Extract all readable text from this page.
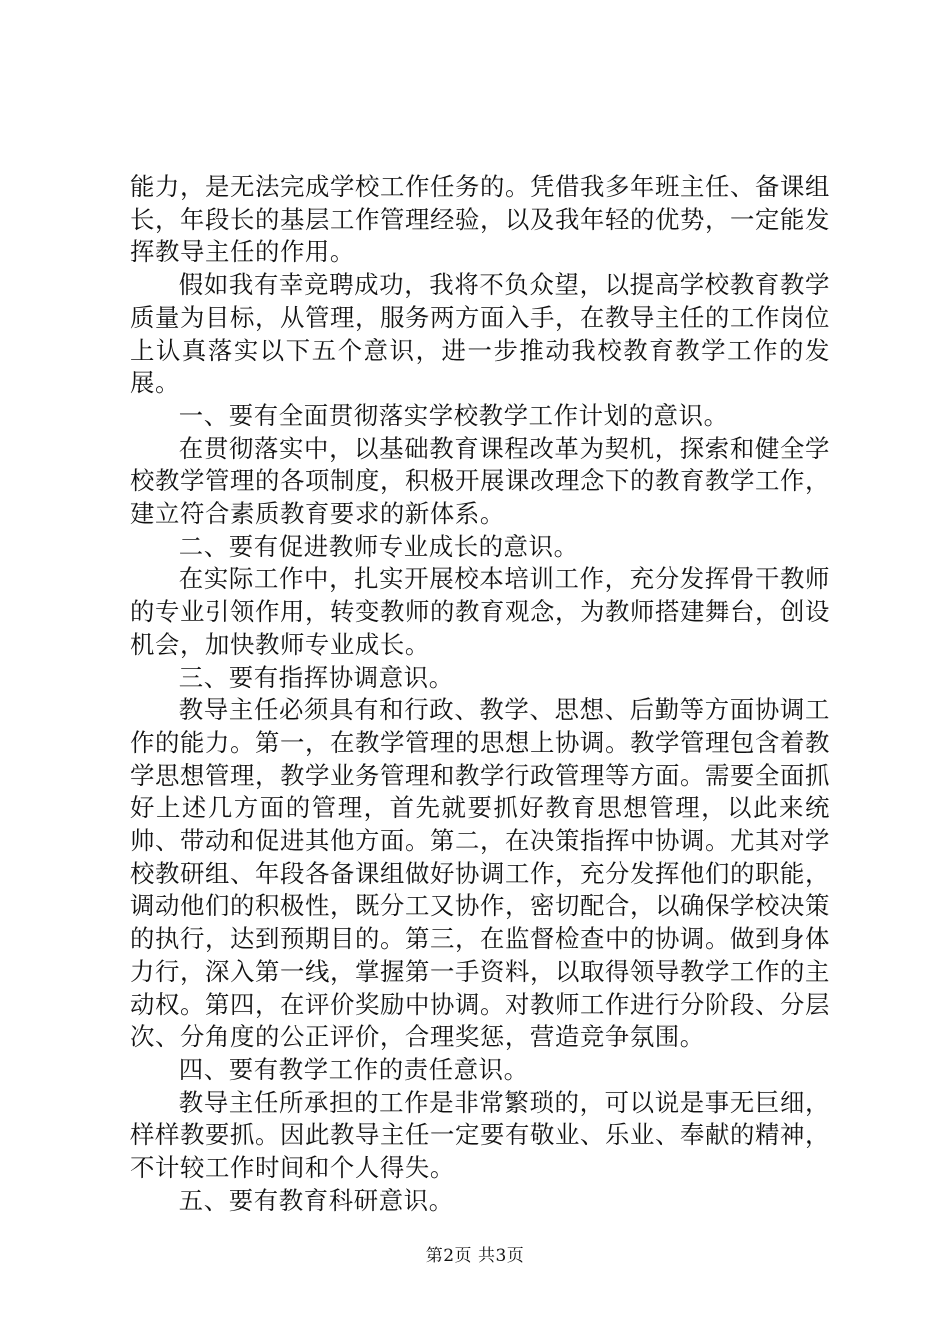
能力，是无法完成学校工作任务的。凭借我多年班主任、备课组长，年段长的基层工作管理经验，以及我年轻的优势，一定能发挥教导主任的作用。

假如我有幸竞聘成功，我将不负众望，以提高学校教育教学质量为目标，从管理，服务两方面入手，在教导主任的工作岗位上认真落实以下五个意识，进一步推动我校教育教学工作的发展。

一、要有全面贯彻落实学校教学工作计划的意识。

在贯彻落实中，以基础教育课程改革为契机，探索和健全学校教学管理的各项制度，积极开展课改理念下的教育教学工作，建立符合素质教育要求的新体系。

二、要有促进教师专业成长的意识。

在实际工作中，扎实开展校本培训工作，充分发挥骨干教师的专业引领作用，转变教师的教育观念，为教师搭建舞台，创设机会，加快教师专业成长。

三、要有指挥协调意识。

教导主任必须具有和行政、教学、思想、后勤等方面协调工作的能力。第一，在教学管理的思想上协调。教学管理包含着教学思想管理，教学业务管理和教学行政管理等方面。需要全面抓好上述几方面的管理，首先就要抓好教育思想管理，以此来统帅、带动和促进其他方面。第二，在决策指挥中协调。尤其对学校教研组、年段各备课组做好协调工作，充分发挥他们的职能，调动他们的积极性，既分工又协作，密切配合，以确保学校决策的执行，达到预期目的。第三，在监督检查中的协调。做到身体力行，深入第一线，掌握第一手资料，以取得领导教学工作的主动权。第四，在评价奖励中协调。对教师工作进行分阶段、分层次、分角度的公正评价，合理奖惩，营造竞争氛围。

四、要有教学工作的责任意识。

教导主任所承担的工作是非常繁琐的，可以说是事无巨细，样样教要抓。因此教导主任一定要有敬业、乐业、奉献的精神，不计较工作时间和个人得失。

五、要有教育科研意识。

第2页 共3页
